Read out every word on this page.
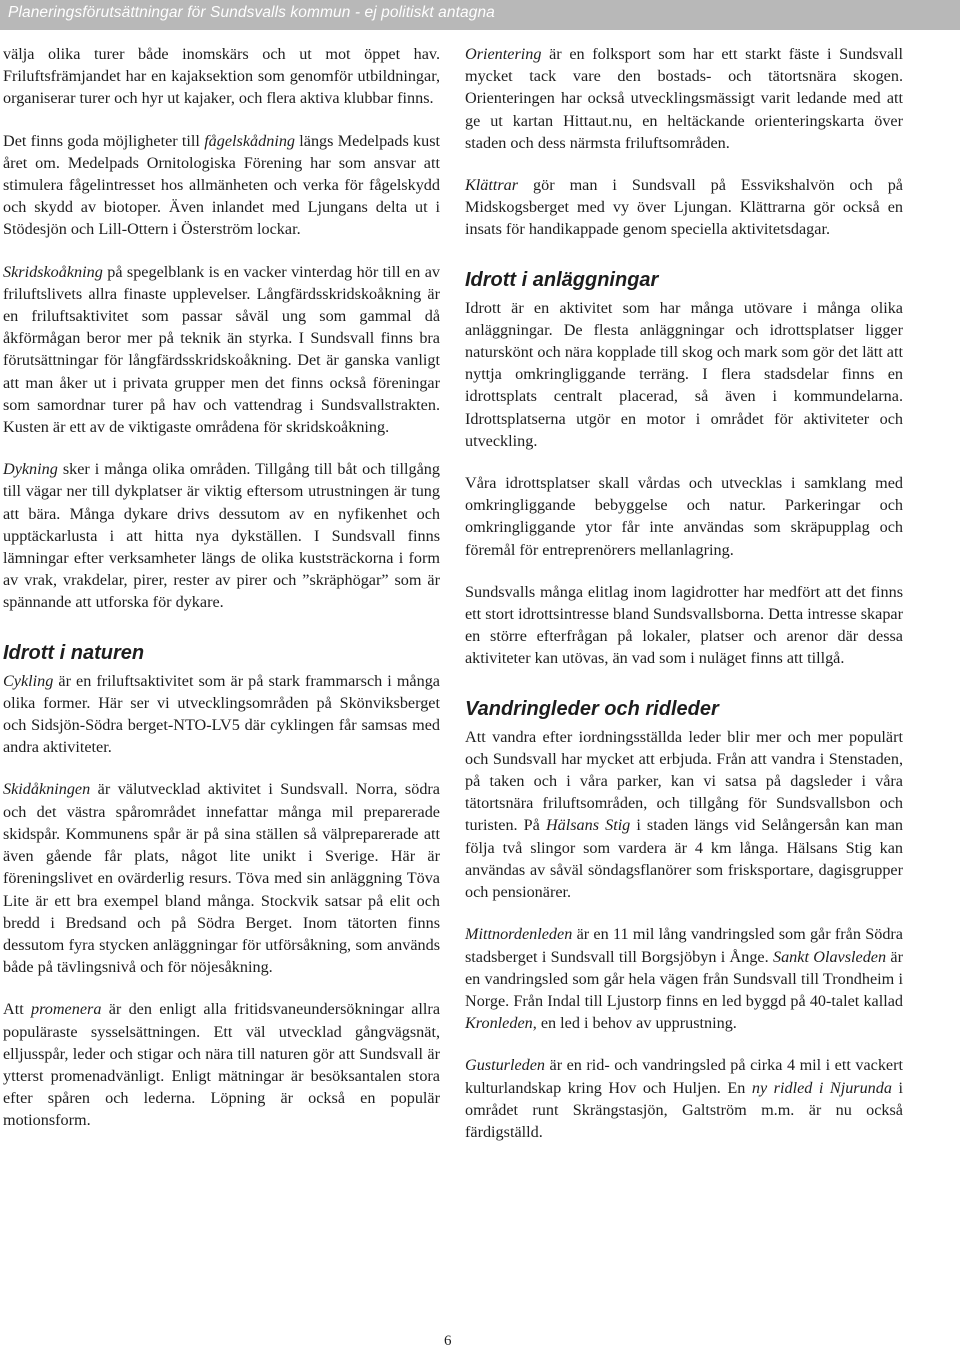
Planeringsförutsättningar för Sundsvalls kommun - ej politiskt antagna

välja olika turer både inomskärs och ut mot öppet hav. Friluftsfrämjandet har en kajaksektion som genomför utbildningar, organiserar turer och hyr ut kajaker, och flera aktiva klubbar finns.

Det finns goda möjligheter till fågelskådning längs Medelpads kust året om. Medelpads Ornitologiska Förening har som ansvar att stimulera fågelintresset hos allmänheten och verka för fågelskydd och skydd av biotoper. Även inlandet med Ljungans delta ut i Stödesjön och Lill-Ottern i Österström lockar.

Skridskoåkning på spegelblank is en vacker vinterdag hör till en av friluftslivets allra finaste upplevelser. Långfärdsskridskoåkning är en friluftsaktivitet som passar såväl ung som gammal då åkförmågan beror mer på teknik än styrka. I Sundsvall finns bra förutsättningar för långfärdsskridskoåkning. Det är ganska vanligt att man åker ut i privata grupper men det finns också föreningar som samordnar turer på hav och vattendrag i Sundsvallstrakten. Kusten är ett av de viktigaste områdena för skridskoåkning.

Dykning sker i många olika områden. Tillgång till båt och tillgång till vägar ner till dykplatser är viktig eftersom utrustningen är tung att bära. Många dykare drivs dessutom av en nyfikenhet och upptäckarlusta i att hitta nya dykställen. I Sundsvall finns lämningar efter verksamheter längs de olika kuststräckorna i form av vrak, vrakdelar, pirer, rester av pirer och ”skräphögar” som är spännande att utforska för dykare.

Idrott i naturen

Cykling är en friluftsaktivitet som är på stark frammarsch i många olika former. Här ser vi utvecklingsområden på Skönviksberget och Sidsjön-Södra berget-NTO-LV5 där cyklingen får samsas med andra aktiviteter.

Skidåkningen är välutvecklad aktivitet i Sundsvall. Norra, södra och det västra spårområdet innefattar många mil preparerade skidspår. Kommunens spår är på sina ställen så välpreparerade att även gående får plats, något lite unikt i Sverige. Här är föreningslivet en ovärderlig resurs. Töva med sin anläggning Töva Lite är ett bra exempel bland många. Stockvik satsar på elit och bredd i Bredsand och på Södra Berget. Inom tätorten finns dessutom fyra stycken anläggningar för utförsåkning, som används både på tävlingsnivå och för nöjesåkning.

Att promenera är den enligt alla fritidsvaneundersökningar allra populäraste sysselsättningen. Ett väl utvecklad gångvägsnät, elljusspår, leder och stigar och nära till naturen gör att Sundsvall är ytterst promenadvänligt. Enligt mätningar är besöksantalen stora efter spåren och lederna. Löpning är också en populär motionsform.

Orientering är en folksport som har ett starkt fäste i Sundsvall mycket tack vare den bostads- och tätortsnära skogen. Orienteringen har också utvecklingsmässigt varit ledande med att ge ut kartan Hittaut.nu, en heltäckande orienteringskarta över staden och dess närmsta friluftsområden.

Klättrar gör man i Sundsvall på Essvikshalvön och på Midskogsberget med vy över Ljungan. Klättrarna gör också en insats för handikappade genom speciella aktivitetsdagar.

Idrott i anläggningar

Idrott är en aktivitet som har många utövare i många olika anläggningar. De flesta anläggningar och idrottsplatser ligger naturskönt och nära kopplade till skog och mark som gör det lätt att nyttja omkringliggande terräng. I flera stadsdelar finns en idrottsplats centralt placerad, så även i kommundelarna. Idrottsplatserna utgör en motor i området för aktiviteter och utveckling.

Våra idrottsplatser skall vårdas och utvecklas i samklang med omkringliggande bebyggelse och natur. Parkeringar och omkringliggande ytor får inte användas som skräpupplag och föremål för entreprenörers mellanlagring.

Sundsvalls många elitlag inom lagidrotter har medfört att det finns ett stort idrottsintresse bland Sundsvallsborna. Detta intresse skapar en större efterfrågan på lokaler, platser och arenor där dessa aktiviteter kan utövas, än vad som i nuläget finns att tillgå.

Vandringleder och ridleder

Att vandra efter iordningsställda leder blir mer och mer populärt och Sundsvall har mycket att erbjuda. Från att vandra i Stenstaden, på taken och i våra parker, kan vi satsa på dagsleder i våra tätortsnära friluftsområden, och tillgång för Sundsvallsbon och turisten. På Hälsans Stig i staden längs vid Selångersån kan man följa två slingor som vardera är 4 km långa. Hälsans Stig kan användas av såväl söndagsflanörer som frisksportare, dagisgrupper och pensionärer.

Mittnordenleden är en 11 mil lång vandringsled som går från Södra stadsberget i Sundsvall till Borgsjöbyn i Ånge. Sankt Olavsleden är en vandringsled som går hela vägen från Sundsvall till Trondheim i Norge. Från Indal till Ljustorp finns en led byggd på 40-talet kallad Kronleden, en led i behov av upprustning.

Gusturleden är en rid- och vandringsled på cirka 4 mil i ett vackert kulturlandskap kring Hov och Huljen. En ny ridled i Njurunda i området runt Skrängstasjön, Galtström m.m. är nu också färdigställd.

6
